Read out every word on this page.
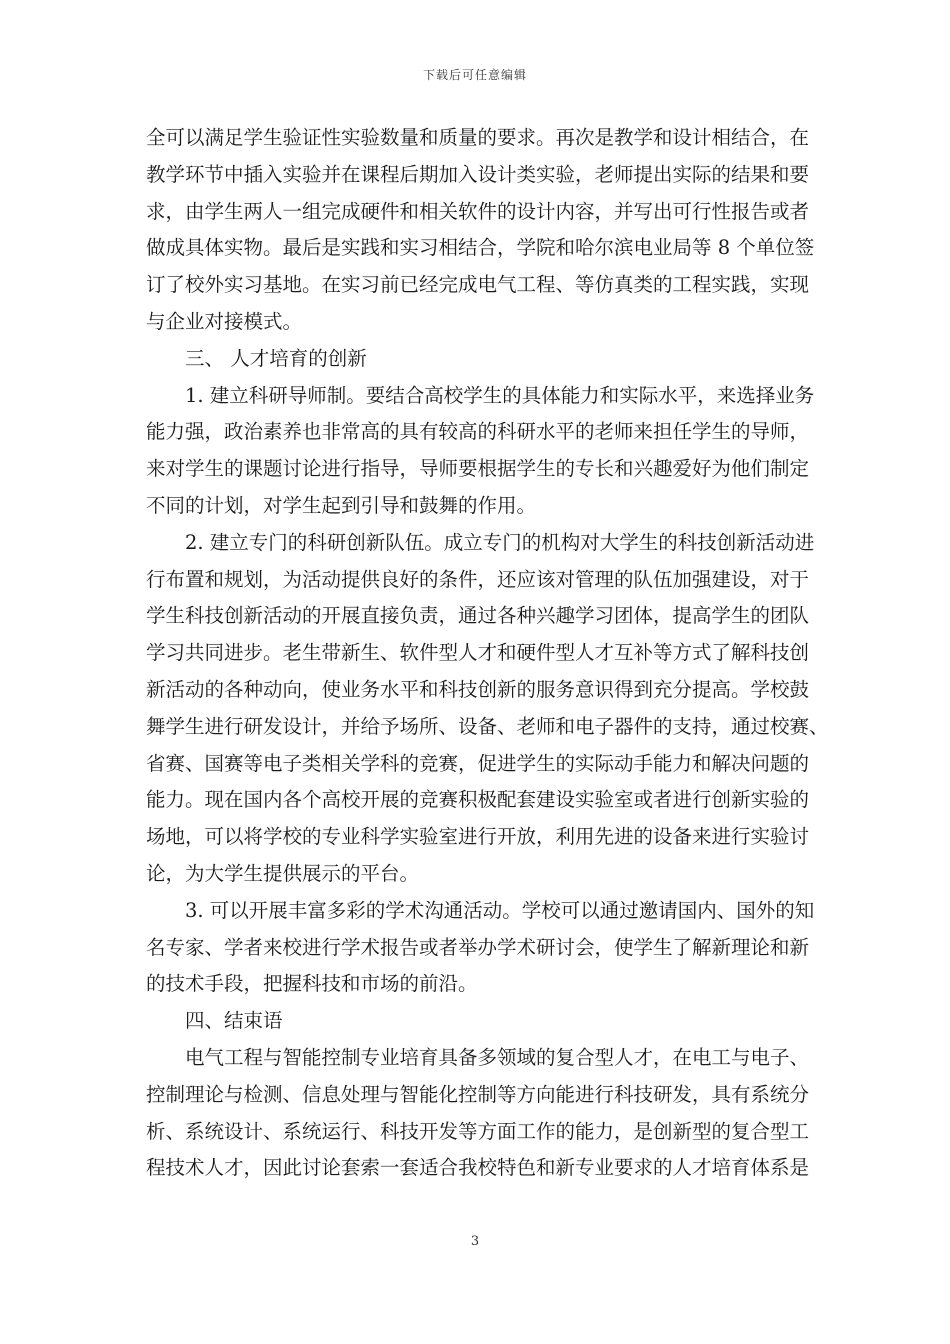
下载后可任意编辑

全可以满足学生验证性实验数量和质量的要求。再次是教学和设计相结合，在

教学环节中插入实验并在课程后期加入设计类实验，老师提出实际的结果和要

求，由学生两人一组完成硬件和相关软件的设计内容，并写出可行性报告或者

做成具体实物。最后是实践和实习相结合，学院和哈尔滨电业局等 8 个单位签

订了校外实习基地。在实习前已经完成电气工程、等仿真类的工程实践，实现

与企业对接模式。

三、 人才培育的创新

1. 建立科研导师制。要结合高校学生的具体能力和实际水平，来选择业务

能力强，政治素养也非常高的具有较高的科研水平的老师来担任学生的导师，

来对学生的课题讨论进行指导，导师要根据学生的专长和兴趣爱好为他们制定

不同的计划，对学生起到引导和鼓舞的作用。

2. 建立专门的科研创新队伍。成立专门的机构对大学生的科技创新活动进

行布置和规划，为活动提供良好的条件，还应该对管理的队伍加强建设，对于

学生科技创新活动的开展直接负责，通过各种兴趣学习团体，提高学生的团队

学习共同进步。老生带新生、软件型人才和硬件型人才互补等方式了解科技创

新活动的各种动向，使业务水平和科技创新的服务意识得到充分提高。学校鼓

舞学生进行研发设计，并给予场所、设备、老师和电子器件的支持，通过校赛、

省赛、国赛等电子类相关学科的竞赛，促进学生的实际动手能力和解决问题的

能力。现在国内各个高校开展的竞赛积极配套建设实验室或者进行创新实验的

场地，可以将学校的专业科学实验室进行开放，利用先进的设备来进行实验讨

论，为大学生提供展示的平台。

3. 可以开展丰富多彩的学术沟通活动。学校可以通过邀请国内、国外的知

名专家、学者来校进行学术报告或者举办学术研讨会，使学生了解新理论和新

的技术手段，把握科技和市场的前沿。

四、结束语

电气工程与智能控制专业培育具备多领域的复合型人才，在电工与电子、

控制理论与检测、信息处理与智能化控制等方向能进行科技研发，具有系统分

析、系统设计、系统运行、科技开发等方面工作的能力，是创新型的复合型工

程技术人才，因此讨论套索一套适合我校特色和新专业要求的人才培育体系是

3
